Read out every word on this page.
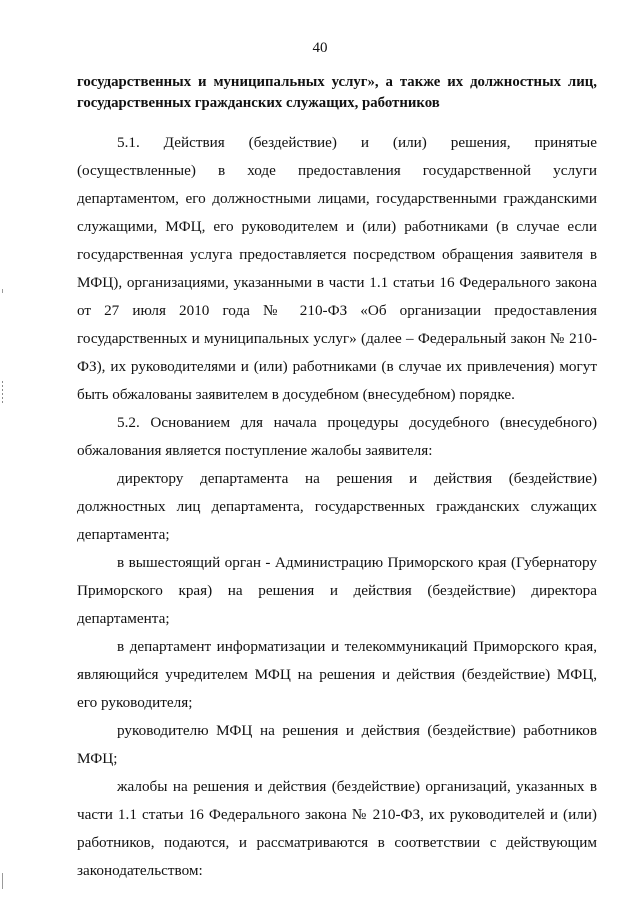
40

государственных и муниципальных услуг», а также их должностных лиц, государственных гражданских служащих, работников

5.1. Действия (бездействие) и (или) решения, принятые (осуществленные) в ходе предоставления государственной услуги департаментом, его должностными лицами, государственными гражданскими служащими, МФЦ, его руководителем и (или) работниками (в случае если государственная услуга предоставляется посредством обращения заявителя в МФЦ), организациями, указанными в части 1.1 статьи 16 Федерального закона от 27 июля 2010 года № 210-ФЗ «Об организации предоставления государственных и муниципальных услуг» (далее – Федеральный закон № 210-ФЗ), их руководителями и (или) работниками (в случае их привлечения) могут быть обжалованы заявителем в досудебном (внесудебном) порядке.

5.2. Основанием для начала процедуры досудебного (внесудебного) обжалования является поступление жалобы заявителя:

директору департамента на решения и действия (бездействие) должностных лиц департамента, государственных гражданских служащих департамента;

в вышестоящий орган - Администрацию Приморского края (Губернатору Приморского края) на решения и действия (бездействие) директора департамента;

в департамент информатизации и телекоммуникаций Приморского края, являющийся учредителем МФЦ на решения и действия (бездействие) МФЦ, его руководителя;

руководителю МФЦ на решения и действия (бездействие) работников МФЦ;

жалобы на решения и действия (бездействие) организаций, указанных в части 1.1 статьи 16 Федерального закона № 210-ФЗ, их руководителей и (или) работников, подаются, и рассматриваются в соответствии с действующим законодательством:
